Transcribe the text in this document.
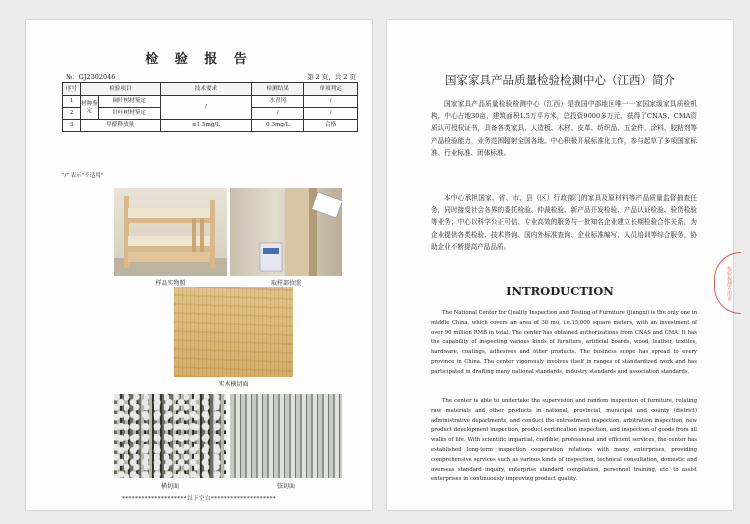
检 验 报 告
№：GJ2302046	第 2 页，共 2 页
序号	检验项目		技术要求	检测结果	单项判定
1	材种鉴定	阔叶树材鉴定	/	水青冈	/
2		针叶树材鉴定		/	/
3	甲醛释放量		≤1.5mg/L	0.3mg/L	合格
"/" 表示"不适用"
样品实物照	取样部位照
实木横切面
横切面	弦切面
********************以下空白********************
国家家具产品质量检验检测中心（江西）简介

国家家具产品质量检验检测中心（江西）是我国中部地区唯一一家国家级家具质检机构，中心占地30亩，建筑面积1.5万平方米，总投资9000多万元，获得了CNAS、CMA资质认可授权证书，具备各类家具、人造板、木材、皮革、纺织品、五金件、涂料、胶粘剂等产品检验能力，业务范围辐射全国各地。中心积极开展标准化工作，参与起草了多项国家标准、行业标准、团体标准。

本中心承担国家、省、市、县（区）行政部门的家具及原材料等产品质量监督抽查任务，同时接受社会各界的委托检验、仲裁检验、新产品开发检验、产品认证检验、验货检验等业务；中心以科学公正可信、专业高效的服务与一批知名企业建立长期检验合作关系，为企业提供各类检验、技术咨询、国内外标准查询、企业标准编写、人员培训等综合服务，协助企业不断提高产品品质。

INTRODUCTION

The National Center for Quality Inspection and Testing of Furniture (Jiangxi) is the only one in middle China, which covers an area of 30 mu, i.e.15,000 square meters, with an investment of over 90 million RMB in total. The center has obtained authorizations from CNAS and CMA. It has the capability of inspecting various kinds of furniture, artificial boards, wood, leather, textiles, hardware, coatings, adhesives and other products. The business scope has spread to every province in China. The center vigorously involves itself in ranges of standardized work and has participated in drafting many national standards, industry standards and association standards.

The center is able to undertake the supervision and random inspection of furniture, relating raw materials and other products in national, provincial, municipal and county (district) administrative departments, and conduct the entrustment inspection, arbitration inspection, new product development inspection, product certification inspection, and inspection of goods from all walks of life. With scientific impartial, credible, professional and efficient services, the center has established long-term inspection cooperation relations with many enterprises, providing comprehensive services such as various kinds of inspection, technical consultation, domestic and overseas standard inquiry, enterprise standard compilation, personnel training, etc. to assist enterprises in continuously improving product quality.

检验检测专用章
